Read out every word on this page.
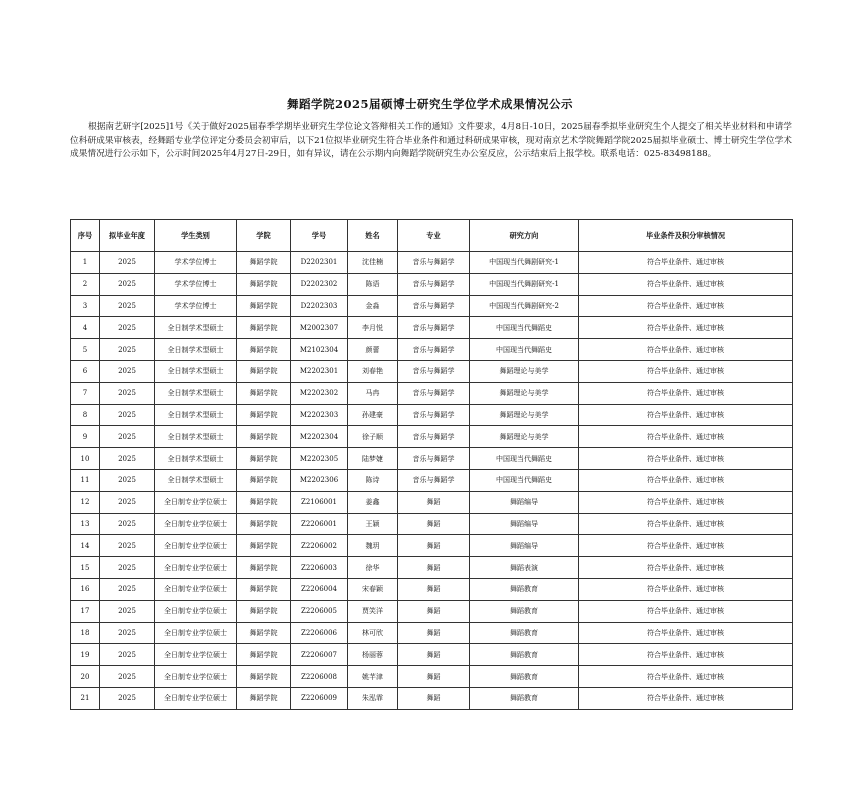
舞蹈学院2025届硕博士研究生学位学术成果情况公示
根据南艺研字[2025]1号《关于做好2025届春季学期毕业研究生学位论文答辩相关工作的通知》文件要求，4月8日-10日，2025届春季拟毕业研究生个人提交了相关毕业材料和申请学位科研成果审核表，经舞蹈专业学位评定分委员会初审后，以下21位拟毕业研究生符合毕业条件和通过科研成果审核，现对南京艺术学院舞蹈学院2025届拟毕业硕士、博士研究生学位学术成果情况进行公示如下，公示时间2025年4月27日-29日，如有异议，请在公示期内向舞蹈学院研究生办公室反应，公示结束后上报学校。联系电话：025-83498188。
序号	拟毕业年度	学生类别	学院	学号	姓名	专业	研究方向	毕业条件及积分审核情况
1	2025	学术学位博士	舞蹈学院	D2202301	沈佳楠	音乐与舞蹈学	中国现当代舞剧研究-1	符合毕业条件、通过审核
2	2025	学术学位博士	舞蹈学院	D2202302	陈语	音乐与舞蹈学	中国现当代舞剧研究-1	符合毕业条件、通过审核
3	2025	学术学位博士	舞蹈学院	D2202303	金淼	音乐与舞蹈学	中国现当代舞剧研究-2	符合毕业条件、通过审核
4	2025	全日制学术型硕士	舞蹈学院	M2002307	李月悦	音乐与舞蹈学	中国现当代舞蹈史	符合毕业条件、通过审核
5	2025	全日制学术型硕士	舞蹈学院	M2102304	颜蕾	音乐与舞蹈学	中国现当代舞蹈史	符合毕业条件、通过审核
6	2025	全日制学术型硕士	舞蹈学院	M2202301	刘春艳	音乐与舞蹈学	舞蹈理论与美学	符合毕业条件、通过审核
7	2025	全日制学术型硕士	舞蹈学院	M2202302	马冉	音乐与舞蹈学	舞蹈理论与美学	符合毕业条件、通过审核
8	2025	全日制学术型硕士	舞蹈学院	M2202303	孙建豪	音乐与舞蹈学	舞蹈理论与美学	符合毕业条件、通过审核
9	2025	全日制学术型硕士	舞蹈学院	M2202304	徐子顺	音乐与舞蹈学	舞蹈理论与美学	符合毕业条件、通过审核
10	2025	全日制学术型硕士	舞蹈学院	M2202305	陆梦婕	音乐与舞蹈学	中国现当代舞蹈史	符合毕业条件、通过审核
11	2025	全日制学术型硕士	舞蹈学院	M2202306	陈诗	音乐与舞蹈学	中国现当代舞蹈史	符合毕业条件、通过审核
12	2025	全日制专业学位硕士	舞蹈学院	Z2106001	姜鑫	舞蹈	舞蹈编导	符合毕业条件、通过审核
13	2025	全日制专业学位硕士	舞蹈学院	Z2206001	王颖	舞蹈	舞蹈编导	符合毕业条件、通过审核
14	2025	全日制专业学位硕士	舞蹈学院	Z2206002	魏玥	舞蹈	舞蹈编导	符合毕业条件、通过审核
15	2025	全日制专业学位硕士	舞蹈学院	Z2206003	徐华	舞蹈	舞蹈表演	符合毕业条件、通过审核
16	2025	全日制专业学位硕士	舞蹈学院	Z2206004	宋春颖	舞蹈	舞蹈教育	符合毕业条件、通过审核
17	2025	全日制专业学位硕士	舞蹈学院	Z2206005	贾笑洋	舞蹈	舞蹈教育	符合毕业条件、通过审核
18	2025	全日制专业学位硕士	舞蹈学院	Z2206006	林可欣	舞蹈	舞蹈教育	符合毕业条件、通过审核
19	2025	全日制专业学位硕士	舞蹈学院	Z2206007	杨丽蓉	舞蹈	舞蹈教育	符合毕业条件、通过审核
20	2025	全日制专业学位硕士	舞蹈学院	Z2206008	姚芊津	舞蹈	舞蹈教育	符合毕业条件、通过审核
21	2025	全日制专业学位硕士	舞蹈学院	Z2206009	朱泓霏	舞蹈	舞蹈教育	符合毕业条件、通过审核
